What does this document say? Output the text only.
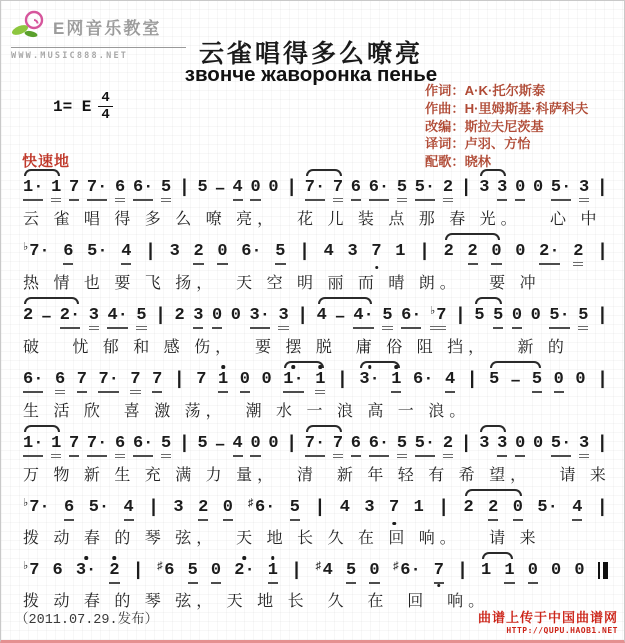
E网音乐教室
WWW.MUSIC888.NET	云雀唱得多么嘹亮
звонче жаворонка пенье
1= E $\frac{4}{4}$
作词：A·K·托尔斯泰
作曲：H·里姆斯基·科萨科夫
改编：斯拉夫尼茨基
译词：卢羽、方怡
配歌：晓林
快速地
1· 1 7 7· 6 6· 5 | 5 – 4 0 0 | 7· 7 6 6· 5 5· 2 | 3 3 0 0 5· 3 |
云 雀 唱 得 多 么 嘹 亮，  花 儿 装 点 那 春 光。   心 中
♭7· 6 5· 4 | 3 2 0 6· 5 | 4 3 7 1 | 2 2 0 0 2· 2 |
热 情 也 要 飞 扬，  天 空 明 丽 而 晴 朗。   要 冲
2 – 2· 3 4· 5 | 2 3 0 0 3· 3 | 4 – 4· 5 6· ♭7 | 5 5 0 0 5· 5 |
破   忧 郁 和 感 伤，  要 摆 脱  庸 俗 阻 挡，   新 的
6· 6 7 7· 7 7 | 7 1 0 0 1· 1 | 3· 1 6· 4 | 5 – 5 0 0 |
生 活 欣  喜 激 荡，  潮 水 一 浪 高 一 浪。
1· 1 7 7· 6 6· 5 | 5 – 4 0 0 | 7· 7 6 6· 5 5· 2 | 3 3 0 0 5· 3 |
万 物 新 生 充 满 力 量，  清  新 年 轻 有 希 望，   请 来
♭7· 6 5· 4 | 3 2 0 ♯6· 5 | 4 3 7 1 | 2 2 0 5· 4 |
拨 动 春 的 琴 弦，  天 地 长 久 在 回 响。   请 来
♭7 6 3· 2 | ♯6 5 0 2· 1 | ♯4 5 0 ♯6· 7 | 1 1 0 0 0
拨 动 春 的 琴 弦， 天 地 长  久  在  回  响。
（2011.07.29.发布）	曲谱上传于中国曲谱网
HTTP://QUPU.HAOB1.NET
